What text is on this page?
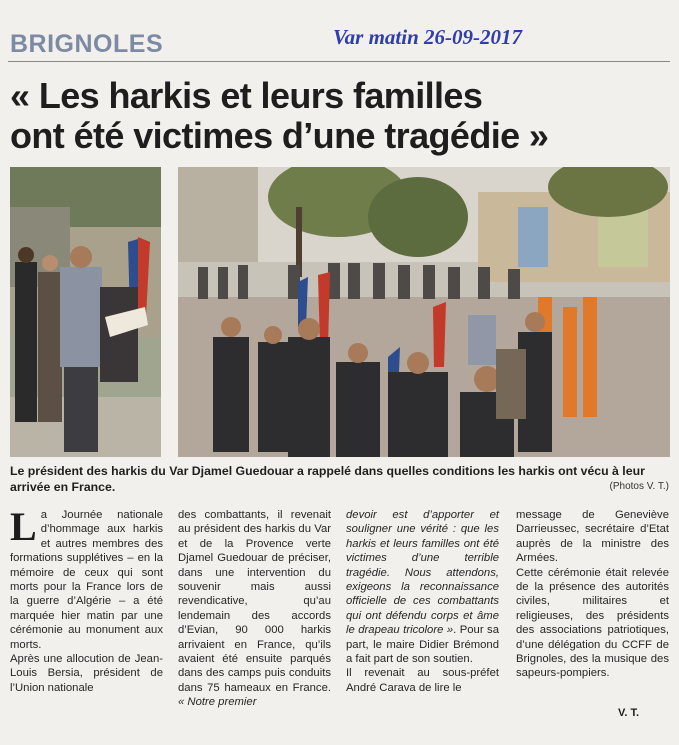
BRIGNOLES	Var matin 26-09-2017
« Les harkis et leurs familles
ont été victimes d’une tragédie »
Le président des harkis du Var Djamel Guedouar a rappelé dans quelles conditions les harkis ont vécu à leur
arrivée en France.	(Photos V. T.)

La Journée nationale d’hommage aux harkis et autres membres des formations supplétives – en la mémoire de ceux qui sont morts pour la France lors de la guerre d’Algérie – a été marquée hier matin par une cérémonie au monument aux morts.

Après une allocution de Jean-Louis Bersia, président de l’Union nationale

des combattants, il revenait au président des harkis du Var et de la Provence verte Djamel Guedouar de préciser, dans une intervention du souvenir mais aussi revendicative, qu’au lendemain des accords d’Evian, 90 000 harkis arrivaient en France, qu’ils avaient été ensuite parqués dans des camps puis conduits dans 75 hameaux en France. « Notre premier

devoir est d’apporter et souligner une vérité : que les harkis et leurs familles ont été victimes d’une terrible tragédie. Nous attendons, exigeons la reconnaissance officielle de ces combattants qui ont défendu corps et âme le drapeau tricolore ». Pour sa part, le maire Didier Brémond a fait part de son soutien.

Il revenait au sous-préfet André Carava de lire le

message de Geneviève Darrieussec, secrétaire d’Etat auprès de la ministre des Armées.

Cette cérémonie était relevée de la présence des autorités civiles, militaires et religieuses, des présidents des associations patriotiques, d’une délégation du CCFF de Brignoles, des la musique des sapeurs-pompiers.

V. T.
